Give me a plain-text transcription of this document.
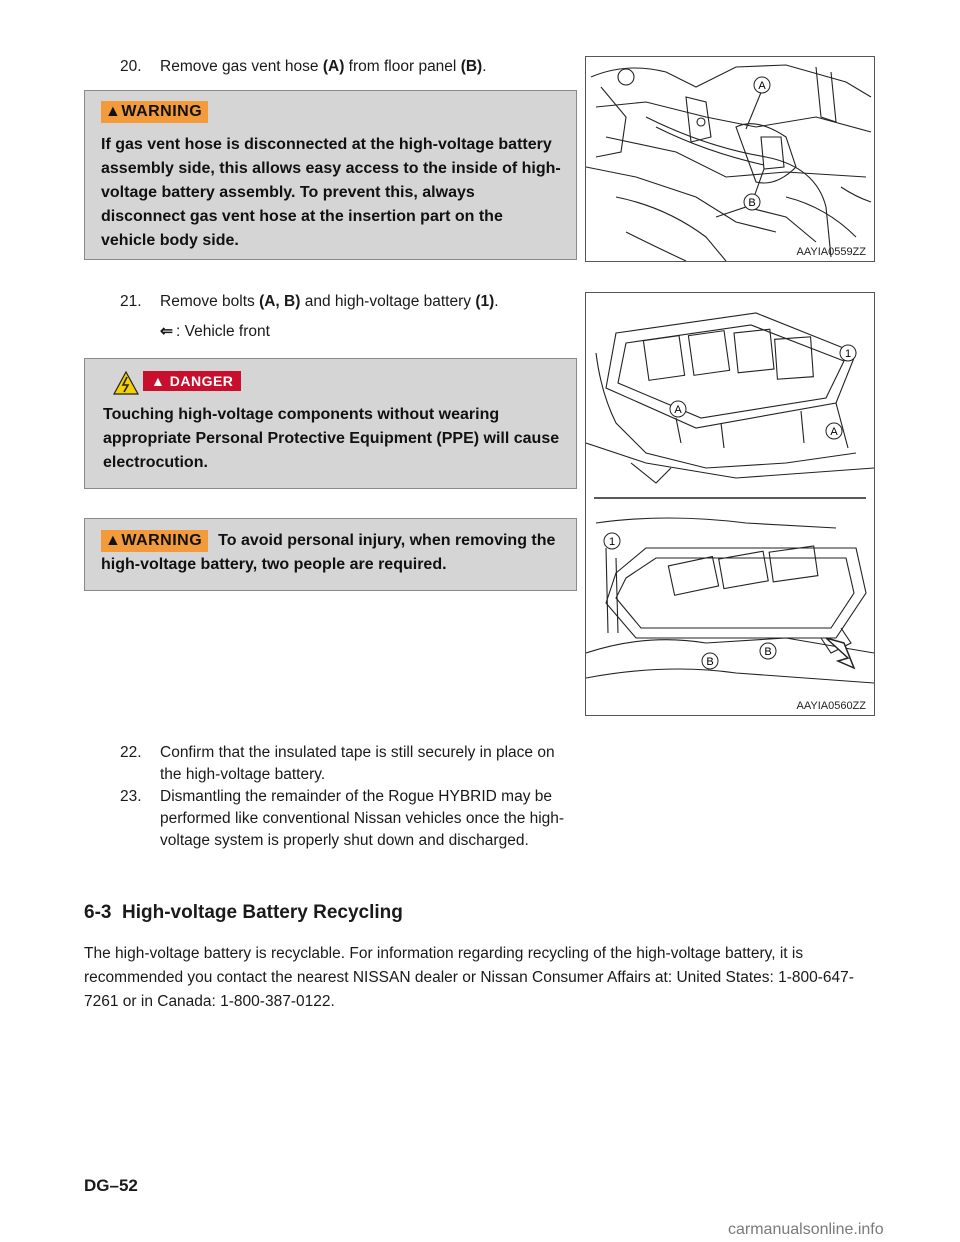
20. Remove gas vent hose (A) from floor panel (B).
▲WARNING
If gas vent hose is disconnected at the high-voltage battery assembly side, this allows easy access to the inside of high-voltage battery assembly. To prevent this, always disconnect gas vent hose at the insertion part on the vehicle body side.
A
B
AAYIA0559ZZ
21. Remove bolts (A, B) and high-voltage battery (1).
⇐ : Vehicle front
▲ DANGER
Touching high-voltage components without wearing appropriate Personal Protective Equipment (PPE) will cause electrocution.
▲WARNING To avoid personal injury, when removing the high-voltage battery, two people are required.
1
A
A
1
B
B
AAYIA0560ZZ
22. Confirm that the insulated tape is still securely in place on the high-voltage battery.
23. Dismantling the remainder of the Rogue HYBRID may be performed like conventional Nissan vehicles once the high-voltage system is properly shut down and discharged.
6-3  High-voltage Battery Recycling
The high-voltage battery is recyclable. For information regarding recycling of the high-voltage battery, it is recommended you contact the nearest NISSAN dealer or Nissan Consumer Affairs at: United States: 1-800-647-7261 or in Canada: 1-800-387-0122.
DG–52
carmanualsonline.info
